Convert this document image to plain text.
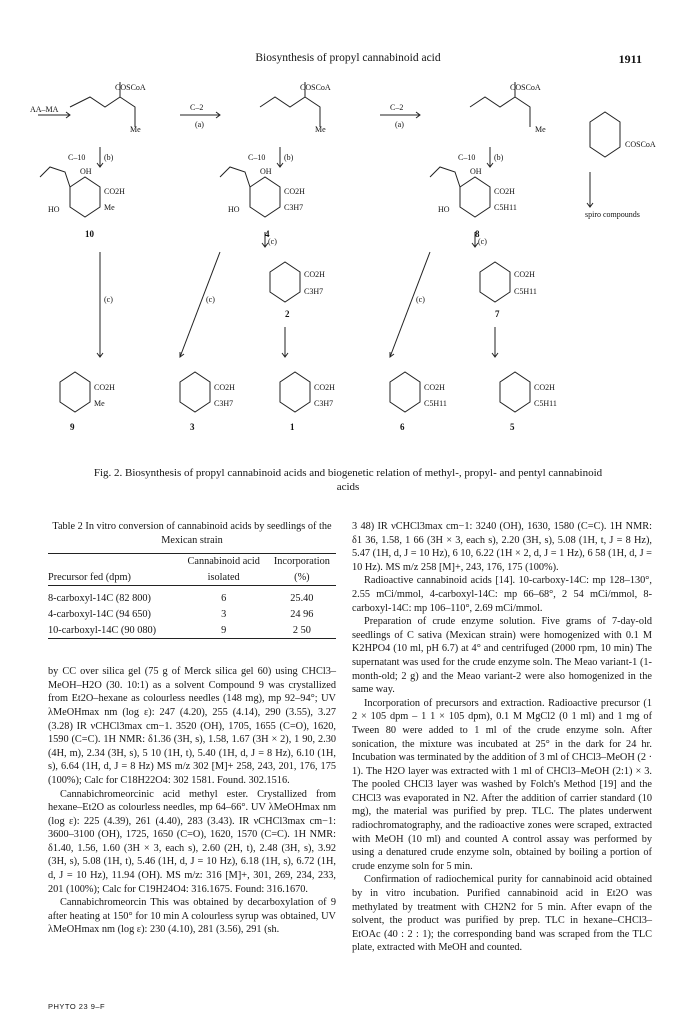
Biosynthesis of propyl cannabinoid acid	1911
AA–MA
COSCoA
Me
C–2
(a)
COSCoA
Me
C–2
(a)
COSCoA
Me
COSCoA
C–10 (b)	C–10 (b)	C–10 (b)
OH
CO2H
Me
HO
OH
CO2H
C3H7
HO
OH
CO2H
C5H11
HO
spiro compounds
(c)	(c)
(c)	(c)	(c)
CO2H
C3H7
CO2H
C5H11
CO2H
Me
CO2H
C3H7
CO2H
C3H7
CO2H
C5H11
CO2H
C5H11
10	4	8
2	7
9	3	1	6	5
Fig. 2. Biosynthesis of propyl cannabinoid acids and biogenetic relation of methyl-, propyl- and pentyl cannabinoid acids
Table 2 In vitro conversion of cannabinoid acids by seedlings of the Mexican strain
	Cannabinoid acid	Incorporation
Precursor fed (dpm)	isolated	(%)

8-carboxyl-14C (82 800)	6	25.40
4-carboxyl-14C (94 650)	3	24 96
10-carboxyl-14C (90 080)	9	2 50

by CC over silica gel (75 g of Merck silica gel 60) using CHCl3–MeOH–H2O (30. 10:1) as a solvent Compound 9 was crystallized from Et2O–hexane as colourless needles (148 mg), mp 92–94°; UV λMeOHmax nm (log ε): 247 (4.20), 255 (4.14), 290 (3.55), 3.27 (3.28) IR νCHCl3max cm−1. 3520 (OH), 1705, 1655 (C=O), 1620, 1590 (C=C). 1H NMR: δ1.36 (3H, s), 1.58, 1.67 (3H × 2), 1 90, 2.30 (4H, m), 2.34 (3H, s), 5 10 (1H, t), 5.40 (1H, d, J = 8 Hz), 6.10 (1H, s), 6.64 (1H, d, J = 8 Hz) MS m/z 302 [M]+ 258, 243, 201, 176, 175 (100%); Calc for C18H22O4: 302 1581. Found. 302.1516.

Cannabichromeorcinic acid methyl ester. Crystallized from hexane–Et2O as colourless needles, mp 64–66°. UV λMeOHmax nm (log ε): 225 (4.39), 261 (4.40), 283 (3.43). IR νCHCl3max cm−1: 3600–3100 (OH), 1725, 1650 (C=O), 1620, 1570 (C=C). 1H NMR: δ1.40, 1.56, 1.60 (3H × 3, each s), 2.60 (2H, t), 2.48 (3H, s), 3.92 (3H, s), 5.08 (1H, t), 5.46 (1H, d, J = 10 Hz), 6.18 (1H, s), 6.72 (1H, d, J = 10 Hz), 11.94 (OH). MS m/z: 316 [M]+, 301, 269, 234, 233, 201 (100%); Calc for C19H24O4: 316.1675. Found: 316.1670.

Cannabichromeorcin This was obtained by decarboxylation of 9 after heating at 150° for 10 min A colourless syrup was obtained, UV λMeOHmax nm (log ε): 230 (4.10), 281 (3.56), 291 (sh.

3 48) IR νCHCl3max cm−1: 3240 (OH), 1630, 1580 (C=C). 1H NMR: δ1 36, 1.58, 1 66 (3H × 3, each s), 2.20 (3H, s), 5.08 (1H, t, J = 8 Hz), 5.47 (1H, d, J = 10 Hz), 6 10, 6.22 (1H × 2, d, J = 1 Hz), 6 58 (1H, d, J = 10 Hz). MS m/z 258 [M]+, 243, 176, 175 (100%).

Radioactive cannabinoid acids [14]. 10-carboxy-14C: mp 128–130°, 2.55 mCi/mmol, 4-carboxyl-14C: mp 66–68°, 2 54 mCi/mmol, 8-carboxyl-14C: mp 106–110°, 2.69 mCi/mmol.

Preparation of crude enzyme solution. Five grams of 7-day-old seedlings of C sativa (Mexican strain) were homogenized with 0.1 M K2HPO4 (10 ml, pH 6.7) at 4° and centrifuged (2000 rpm, 10 min) The supernatant was used for the crude enzyme soln. The Meao variant-1 (1-month-old; 2 g) and the Meao variant-2 were also homogenized in the same way.

Incorporation of precursors and extraction. Radioactive precursor (1 2 × 105 dpm – 1 1 × 105 dpm), 0.1 M MgCl2 (0 1 ml) and 1 mg of Tween 80 were added to 1 ml of the crude enzyme soln. After sonication, the mixture was incubated at 25° in the dark for 24 hr. Incubation was terminated by the addition of 3 ml of CHCl3–MeOH (2 · 1). The H2O layer was extracted with 1 ml of CHCl3–MeOH (2:1) × 3. The pooled CHCl3 layer was washed by Folch's Method [19] and the CHCl3 was evaporated in N2. After the addition of carrier standard (10 mg), the material was purified by prep. TLC. The plates underwent radiochromatography, and the radioactive zones were scraped, extracted with MeOH (10 ml) and counted A control assay was performed by using a denatured crude enzyme soln, obtained by boiling a portion of crude enzyme soln for 5 min.

Confirmation of radiochemical purity for cannabinoid acid obtained by in vitro incubation. Purified cannabinoid acid in Et2O was methylated by treatment with CH2N2 for 5 min. After evapn of the solvent, the product was purified by prep. TLC in hexane–CHCl3–EtOAc (40 : 2 : 1); the corresponding band was scraped from the TLC plate, extracted with MeOH and counted.

PHYTO 23 9–F
